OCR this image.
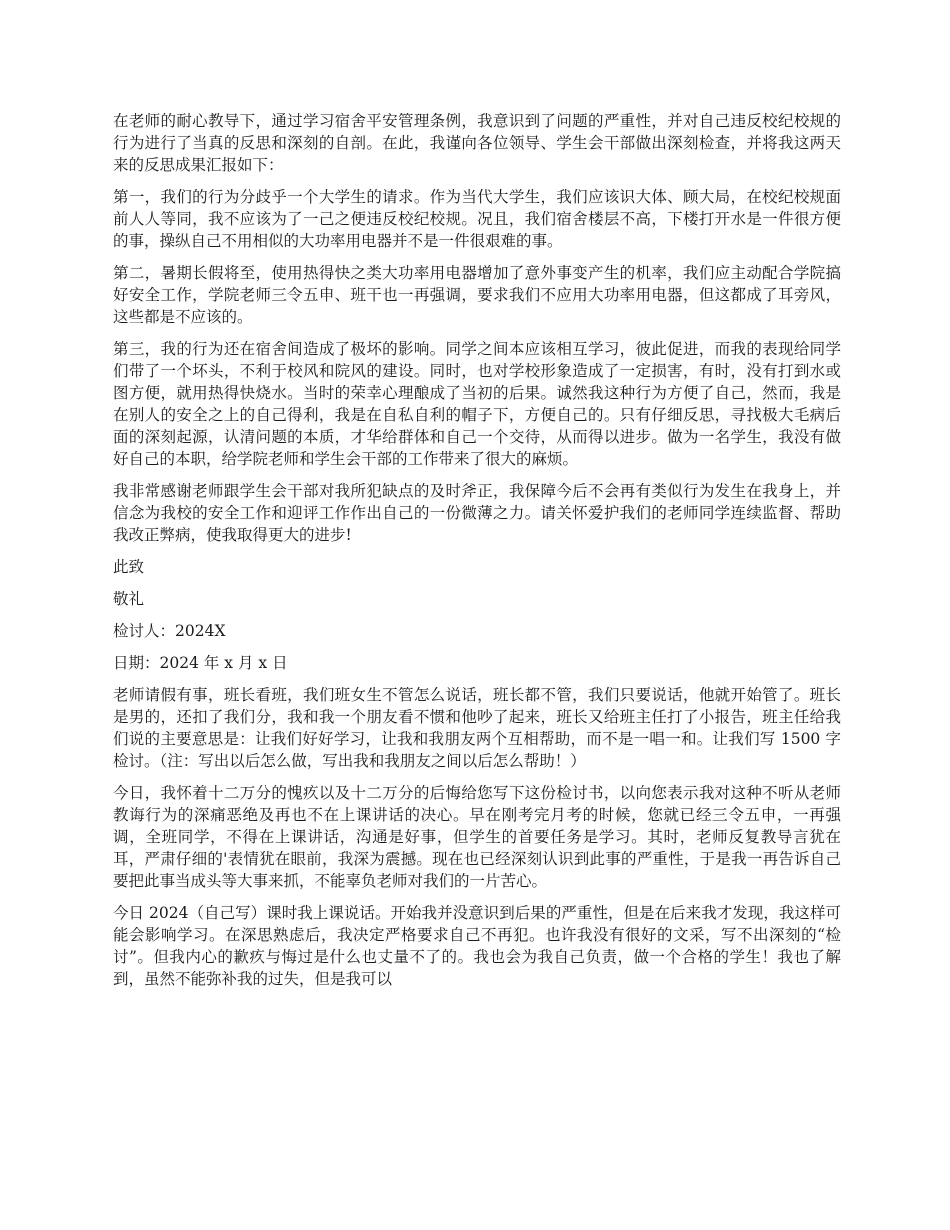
在老师的耐心教导下，通过学习宿舍平安管理条例，我意识到了问题的严重性，并对自己违反校纪校规的行为进行了当真的反思和深刻的自剖。在此，我谨向各位领导、学生会干部做出深刻检查，并将我这两天来的反思成果汇报如下：

第一，我们的行为分歧乎一个大学生的请求。作为当代大学生，我们应该识大体、顾大局，在校纪校规面前人人等同，我不应该为了一己之便违反校纪校规。况且，我们宿舍楼层不高，下楼打开水是一件很方便的事，操纵自己不用相似的大功率用电器并不是一件很艰难的事。

第二，暑期长假将至，使用热得快之类大功率用电器增加了意外事变产生的机率，我们应主动配合学院搞好安全工作，学院老师三令五申、班干也一再强调，要求我们不应用大功率用电器，但这都成了耳旁风，这些都是不应该的。

第三，我的行为还在宿舍间造成了极坏的影响。同学之间本应该相互学习，彼此促进，而我的表现给同学们带了一个坏头，不利于校风和院风的建设。同时，也对学校形象造成了一定损害，有时，没有打到水或图方便，就用热得快烧水。当时的荣幸心理酿成了当初的后果。诚然我这种行为方便了自己，然而，我是在别人的安全之上的自己得利，我是在自私自利的帽子下，方便自己的。只有仔细反思，寻找极大毛病后面的深刻起源，认清问题的本质，才华给群体和自己一个交待，从而得以进步。做为一名学生，我没有做好自己的本职，给学院老师和学生会干部的工作带来了很大的麻烦。

我非常感谢老师跟学生会干部对我所犯缺点的及时斧正，我保障今后不会再有类似行为发生在我身上，并信念为我校的安全工作和迎评工作作出自己的一份微薄之力。请关怀爱护我们的老师同学连续监督、帮助我改正弊病，使我取得更大的进步!

此致

敬礼

检讨人：2024X

日期：2024 年 x 月 x 日

老师请假有事，班长看班，我们班女生不管怎么说话，班长都不管，我们只要说话，他就开始管了。班长是男的，还扣了我们分，我和我一个朋友看不惯和他吵了起来，班长又给班主任打了小报告，班主任给我们说的主要意思是：让我们好好学习，让我和我朋友两个互相帮助，而不是一唱一和。让我们写 1500 字检讨。（注：写出以后怎么做，写出我和我朋友之间以后怎么帮助！）

今日，我怀着十二万分的愧疚以及十二万分的后悔给您写下这份检讨书，以向您表示我对这种不听从老师教诲行为的深痛恶绝及再也不在上课讲话的决心。早在刚考完月考的时候，您就已经三令五申，一再强调，全班同学，不得在上课讲话，沟通是好事，但学生的首要任务是学习。其时，老师反复教导言犹在耳，严肃仔细的'表情犹在眼前，我深为震撼。现在也已经深刻认识到此事的严重性，于是我一再告诉自己要把此事当成头等大事来抓，不能辜负老师对我们的一片苦心。

今日 2024（自己写）课时我上课说话。开始我并没意识到后果的严重性，但是在后来我才发现，我这样可能会影响学习。在深思熟虑后，我决定严格要求自己不再犯。也许我没有很好的文采，写不出深刻的“检讨”。但我内心的歉疚与悔过是什么也丈量不了的。我也会为我自己负责，做一个合格的学生！我也了解到，虽然不能弥补我的过失，但是我可以
